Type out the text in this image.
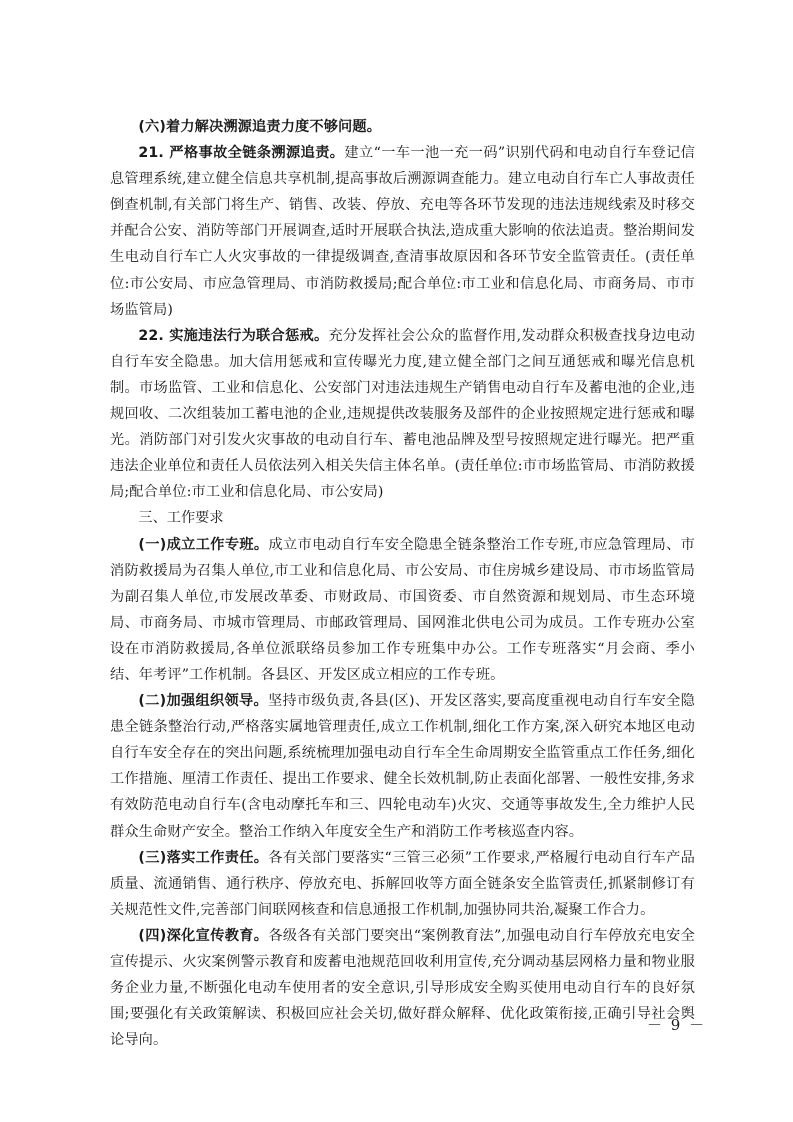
(六)着力解决溯源追责力度不够问题。

21. 严格事故全链条溯源追责。建立“一车一池一充一码”识别代码和电动自行车登记信息管理系统,建立健全信息共享机制,提高事故后溯源调查能力。建立电动自行车亡人事故责任倒查机制,有关部门将生产、销售、改装、停放、充电等各环节发现的违法违规线索及时移交并配合公安、消防等部门开展调查,适时开展联合执法,造成重大影响的依法追责。整治期间发生电动自行车亡人火灾事故的一律提级调查,查清事故原因和各环节安全监管责任。(责任单位:市公安局、市应急管理局、市消防救援局;配合单位:市工业和信息化局、市商务局、市市场监管局)

22. 实施违法行为联合惩戒。充分发挥社会公众的监督作用,发动群众积极查找身边电动自行车安全隐患。加大信用惩戒和宣传曝光力度,建立健全部门之间互通惩戒和曝光信息机制。市场监管、工业和信息化、公安部门对违法违规生产销售电动自行车及蓄电池的企业,违规回收、二次组装加工蓄电池的企业,违规提供改装服务及部件的企业按照规定进行惩戒和曝光。消防部门对引发火灾事故的电动自行车、蓄电池品牌及型号按照规定进行曝光。把严重违法企业单位和责任人员依法列入相关失信主体名单。(责任单位:市市场监管局、市消防救援局;配合单位:市工业和信息化局、市公安局)

三、工作要求

(一)成立工作专班。成立市电动自行车安全隐患全链条整治工作专班,市应急管理局、市消防救援局为召集人单位,市工业和信息化局、市公安局、市住房城乡建设局、市市场监管局为副召集人单位,市发展改革委、市财政局、市国资委、市自然资源和规划局、市生态环境局、市商务局、市城市管理局、市邮政管理局、国网淮北供电公司为成员。工作专班办公室设在市消防救援局,各单位派联络员参加工作专班集中办公。工作专班落实“月会商、季小结、年考评”工作机制。各县区、开发区成立相应的工作专班。

(二)加强组织领导。坚持市级负责,各县(区)、开发区落实,要高度重视电动自行车安全隐患全链条整治行动,严格落实属地管理责任,成立工作机制,细化工作方案,深入研究本地区电动自行车安全存在的突出问题,系统梳理加强电动自行车全生命周期安全监管重点工作任务,细化工作措施、厘清工作责任、提出工作要求、健全长效机制,防止表面化部署、一般性安排,务求有效防范电动自行车(含电动摩托车和三、四轮电动车)火灾、交通等事故发生,全力维护人民群众生命财产安全。整治工作纳入年度安全生产和消防工作考核巡查内容。

(三)落实工作责任。各有关部门要落实“三管三必须”工作要求,严格履行电动自行车产品质量、流通销售、通行秩序、停放充电、拆解回收等方面全链条安全监管责任,抓紧制修订有关规范性文件,完善部门间联网核查和信息通报工作机制,加强协同共治,凝聚工作合力。

(四)深化宣传教育。各级各有关部门要突出“案例教育法”,加强电动自行车停放充电安全宣传提示、火灾案例警示教育和废蓄电池规范回收利用宣传,充分调动基层网格力量和物业服务企业力量,不断强化电动车使用者的安全意识,引导形成安全购买使用电动自行车的良好氛围;要强化有关政策解读、积极回应社会关切,做好群众解释、优化政策衔接,正确引导社会舆论导向。

－ 9 －
